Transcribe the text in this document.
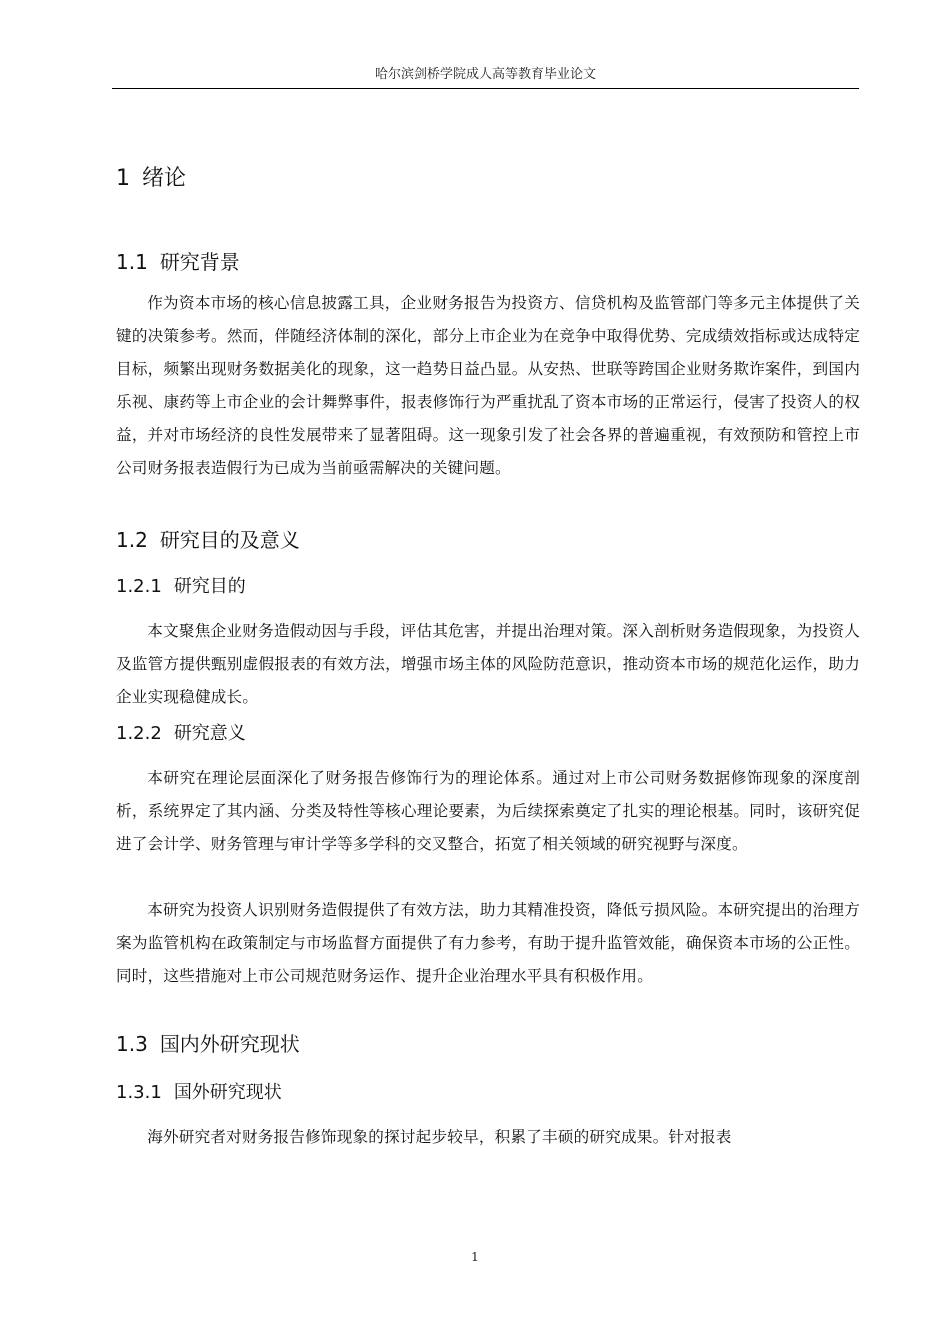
哈尔滨剑桥学院成人高等教育毕业论文
1 绪论
1.1 研究背景

作为资本市场的核心信息披露工具，企业财务报告为投资方、信贷机构及监管部门等多元主体提供了关键的决策参考。然而，伴随经济体制的深化，部分上市企业为在竞争中取得优势、完成绩效指标或达成特定目标，频繁出现财务数据美化的现象，这一趋势日益凸显。从安热、世联等跨国企业财务欺诈案件，到国内乐视、康药等上市企业的会计舞弊事件，报表修饰行为严重扰乱了资本市场的正常运行，侵害了投资人的权益，并对市场经济的良性发展带来了显著阻碍。这一现象引发了社会各界的普遍重视，有效预防和管控上市公司财务报表造假行为已成为当前亟需解决的关键问题。

1.2 研究目的及意义
1.2.1 研究目的

本文聚焦企业财务造假动因与手段，评估其危害，并提出治理对策。深入剖析财务造假现象，为投资人及监管方提供甄别虚假报表的有效方法，增强市场主体的风险防范意识，推动资本市场的规范化运作，助力企业实现稳健成长。

1.2.2 研究意义

本研究在理论层面深化了财务报告修饰行为的理论体系。通过对上市公司财务数据修饰现象的深度剖析，系统界定了其内涵、分类及特性等核心理论要素，为后续探索奠定了扎实的理论根基。同时，该研究促进了会计学、财务管理与审计学等多学科的交叉整合，拓宽了相关领域的研究视野与深度。

本研究为投资人识别财务造假提供了有效方法，助力其精准投资，降低亏损风险。本研究提出的治理方案为监管机构在政策制定与市场监督方面提供了有力参考，有助于提升监管效能，确保资本市场的公正性。同时，这些措施对上市公司规范财务运作、提升企业治理水平具有积极作用。

1.3 国内外研究现状
1.3.1 国外研究现状

海外研究者对财务报告修饰现象的探讨起步较早，积累了丰硕的研究成果。针对报表

1
